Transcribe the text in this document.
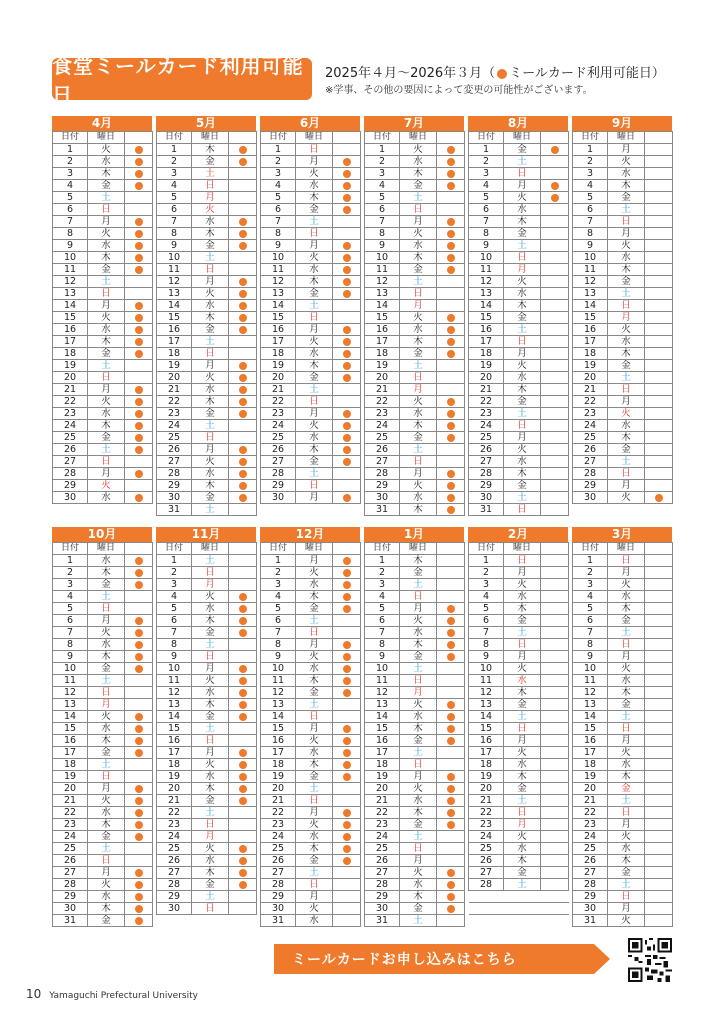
食堂ミールカード利用可能日
2025年４月～2026年３月（ ミールカード利用可能日）
※学事、その他の要因によって変更の可能性がございます。
4月
日付	曜日	
1	火	
2	水	
3	木	
4	金	
5	土	
6	日	
7	月	
8	火	
9	水	
10	木	
11	金	
12	土	
13	日	
14	月	
15	火	
16	水	
17	木	
18	金	
19	土	
20	日	
21	月	
22	火	
23	水	
24	木	
25	金	
26	土	
27	日	
28	月	
29	火	
30	水	

5月
日付	曜日	
1	木	
2	金	
3	土	
4	日	
5	月	
6	火	
7	水	
8	木	
9	金	
10	土	
11	日	
12	月	
13	火	
14	水	
15	木	
16	金	
17	土	
18	日	
19	月	
20	火	
21	水	
22	木	
23	金	
24	土	
25	日	
26	月	
27	火	
28	水	
29	木	
30	金	
31	土	
6月
日付	曜日	
1	日	
2	月	
3	火	
4	水	
5	木	
6	金	
7	土	
8	日	
9	月	
10	火	
11	水	
12	木	
13	金	
14	土	
15	日	
16	月	
17	火	
18	水	
19	木	
20	金	
21	土	
22	日	
23	月	
24	火	
25	水	
26	木	
27	金	
28	土	
29	日	
30	月	

7月
日付	曜日	
1	火	
2	水	
3	木	
4	金	
5	土	
6	日	
7	月	
8	火	
9	水	
10	木	
11	金	
12	土	
13	日	
14	月	
15	火	
16	水	
17	木	
18	金	
19	土	
20	日	
21	月	
22	火	
23	水	
24	木	
25	金	
26	土	
27	日	
28	月	
29	火	
30	水	
31	木	
8月
日付	曜日	
1	金	
2	土	
3	日	
4	月	
5	火	
6	水	
7	木	
8	金	
9	土	
10	日	
11	月	
12	火	
13	水	
14	木	
15	金	
16	土	
17	日	
18	月	
19	火	
20	水	
21	木	
22	金	
23	土	
24	日	
25	月	
26	火	
27	水	
28	木	
29	金	
30	土	
31	日	
9月
日付	曜日	
1	月	
2	火	
3	水	
4	木	
5	金	
6	土	
7	日	
8	月	
9	火	
10	水	
11	木	
12	金	
13	土	
14	日	
15	月	
16	火	
17	水	
18	木	
19	金	
20	土	
21	日	
22	月	
23	火	
24	水	
25	木	
26	金	
27	土	
28	日	
29	月	
30	火	

10月
日付	曜日	
1	水	
2	木	
3	金	
4	土	
5	日	
6	月	
7	火	
8	水	
9	木	
10	金	
11	土	
12	日	
13	月	
14	火	
15	水	
16	木	
17	金	
18	土	
19	日	
20	月	
21	火	
22	水	
23	木	
24	金	
25	土	
26	日	
27	月	
28	火	
29	水	
30	木	
31	金	
11月
日付	曜日	
1	土	
2	日	
3	月	
4	火	
5	水	
6	木	
7	金	
8	土	
9	日	
10	月	
11	火	
12	水	
13	木	
14	金	
15	土	
16	日	
17	月	
18	火	
19	水	
20	木	
21	金	
22	土	
23	日	
24	月	
25	火	
26	水	
27	木	
28	金	
29	土	
30	日	

12月
日付	曜日	
1	月	
2	火	
3	水	
4	木	
5	金	
6	土	
7	日	
8	月	
9	火	
10	水	
11	木	
12	金	
13	土	
14	日	
15	月	
16	火	
17	水	
18	木	
19	金	
20	土	
21	日	
22	月	
23	火	
24	水	
25	木	
26	金	
27	土	
28	日	
29	月	
30	火	
31	水	
1月
日付	曜日	
1	木	
2	金	
3	土	
4	日	
5	月	
6	火	
7	水	
8	木	
9	金	
10	土	
11	日	
12	月	
13	火	
14	水	
15	木	
16	金	
17	土	
18	日	
19	月	
20	火	
21	水	
22	木	
23	金	
24	土	
25	日	
26	月	
27	火	
28	水	
29	木	
30	金	
31	土	
2月
日付	曜日	
1	日	
2	月	
3	火	
4	水	
5	木	
6	金	
7	土	
8	日	
9	月	
10	火	
11	水	
12	木	
13	金	
14	土	
15	日	
16	月	
17	火	
18	水	
19	木	
20	金	
21	土	
22	日	
23	月	
24	火	
25	水	
26	木	
27	金	
28	土	

3月
日付	曜日	
1	日	
2	月	
3	火	
4	水	
5	木	
6	金	
7	土	
8	日	
9	月	
10	火	
11	水	
12	木	
13	金	
14	土	
15	日	
16	月	
17	火	
18	水	
19	木	
20	金	
21	土	
22	日	
23	月	
24	火	
25	水	
26	木	
27	金	
28	土	
29	日	
30	月	
31	火	
ミールカードお申し込みはこちら
10 Yamaguchi Prefectural University
